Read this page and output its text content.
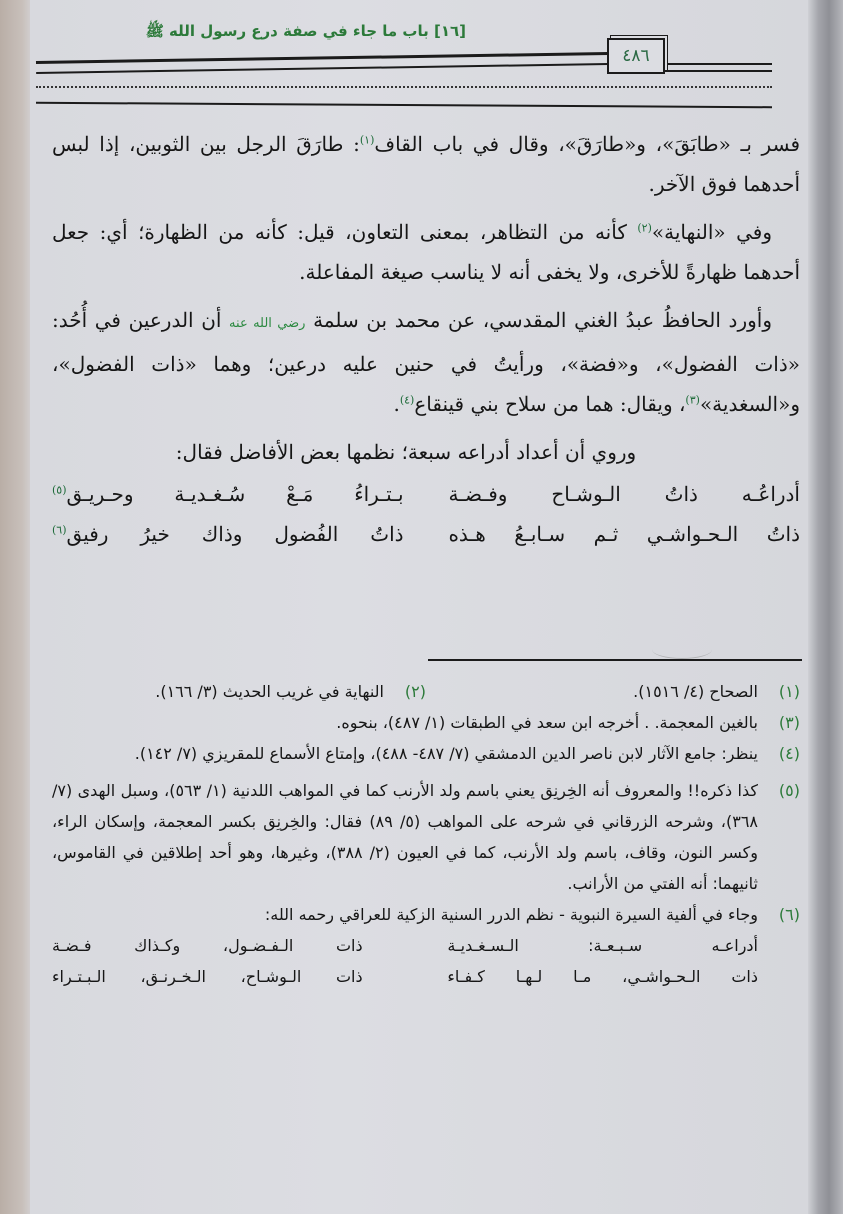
[١٦] باب ما جاء في صفة درع رسول الله ﷺ
٤٨٦

فسر بـ «طابَقَ»، و«طارَقَ»، وقال في باب القاف$^{(١)}$: طارَقَ الرجل بين الثوبين، إذا لبس أحدهما فوق الآخر.

وفي «النهاية»$^{(٢)}$ كأنه من التظاهر، بمعنى التعاون، قيل: كأنه من الظهارة؛ أي: جعل أحدهما ظهارةً للأخرى، ولا يخفى أنه لا يناسب صيغة المفاعلة.

وأورد الحافظُ عبدُ الغني المقدسي، عن محمد بن سلمة رضي الله عنه أن الدرعين في أُحُد: «ذات الفضول»، و«فضة»، ورأيتُ في حنين عليه درعين؛ وهما «ذات الفضول»، و«السغدية»$^{(٣)}$، ويقال: هما من سلاح بني قينقاع$^{(٤)}$.

وروي أن أعداد أدراعه سبعة؛ نظمها بعض الأفاضل فقال:

أدراعُـه ذاتُ الـوشـاح وفـضـة
بـتـراءُ مَـعْ سُـغـديـة وحـريـق$^{(٥)}$
ذاتُ الـحـواشـي ثـم سـابـعُ هـذه
ذاتُ الفُضول وذاك خيرُ رفيق$^{(٦)}$
(١)
الصحاح (٤/ ١٥١٦).
(٢)
النهاية في غريب الحديث (٣/ ١٦٦).
(٣)
بالغين المعجمة. . أخرجه ابن سعد في الطبقات (١/ ٤٨٧)، بنحوه.
(٤)
ينظر: جامع الآثار لابن ناصر الدين الدمشقي (٧/ ٤٨٧- ٤٨٨)، وإمتاع الأسماع للمقريزي (٧/ ١٤٢).
(٥)
كذا ذكره!! والمعروف أنه الخِرنِق يعني باسم ولد الأرنب كما في المواهب اللدنية (١/ ٥٦٣)، وسبل الهدى (٧/ ٣٦٨)، وشرحه الزرقاني في شرحه على المواهب (٥/ ٨٩) فقال: والخِرنِق بكسر المعجمة، وإسكان الراء، وكسر النون، وقاف، باسم ولد الأرنب، كما في العيون (٢/ ٣٨٨)، وغيرها، وهو أحد إطلاقين في القاموس، ثانيهما: أنه الفتي من الأرانب.
(٦)
وجاء في ألفية السيرة النبوية - نظم الدرر السنية الزكية للعراقي رحمه الله:
أدراعـه سـبـعـة: الـسـغـديـة
ذات الـفـضـول، وكـذاك فـضـة
ذات الـحـواشـي، مـا لـهـا كـفـاء
ذات الـوشـاح، الـخـرنـق، الـبـتـراء
